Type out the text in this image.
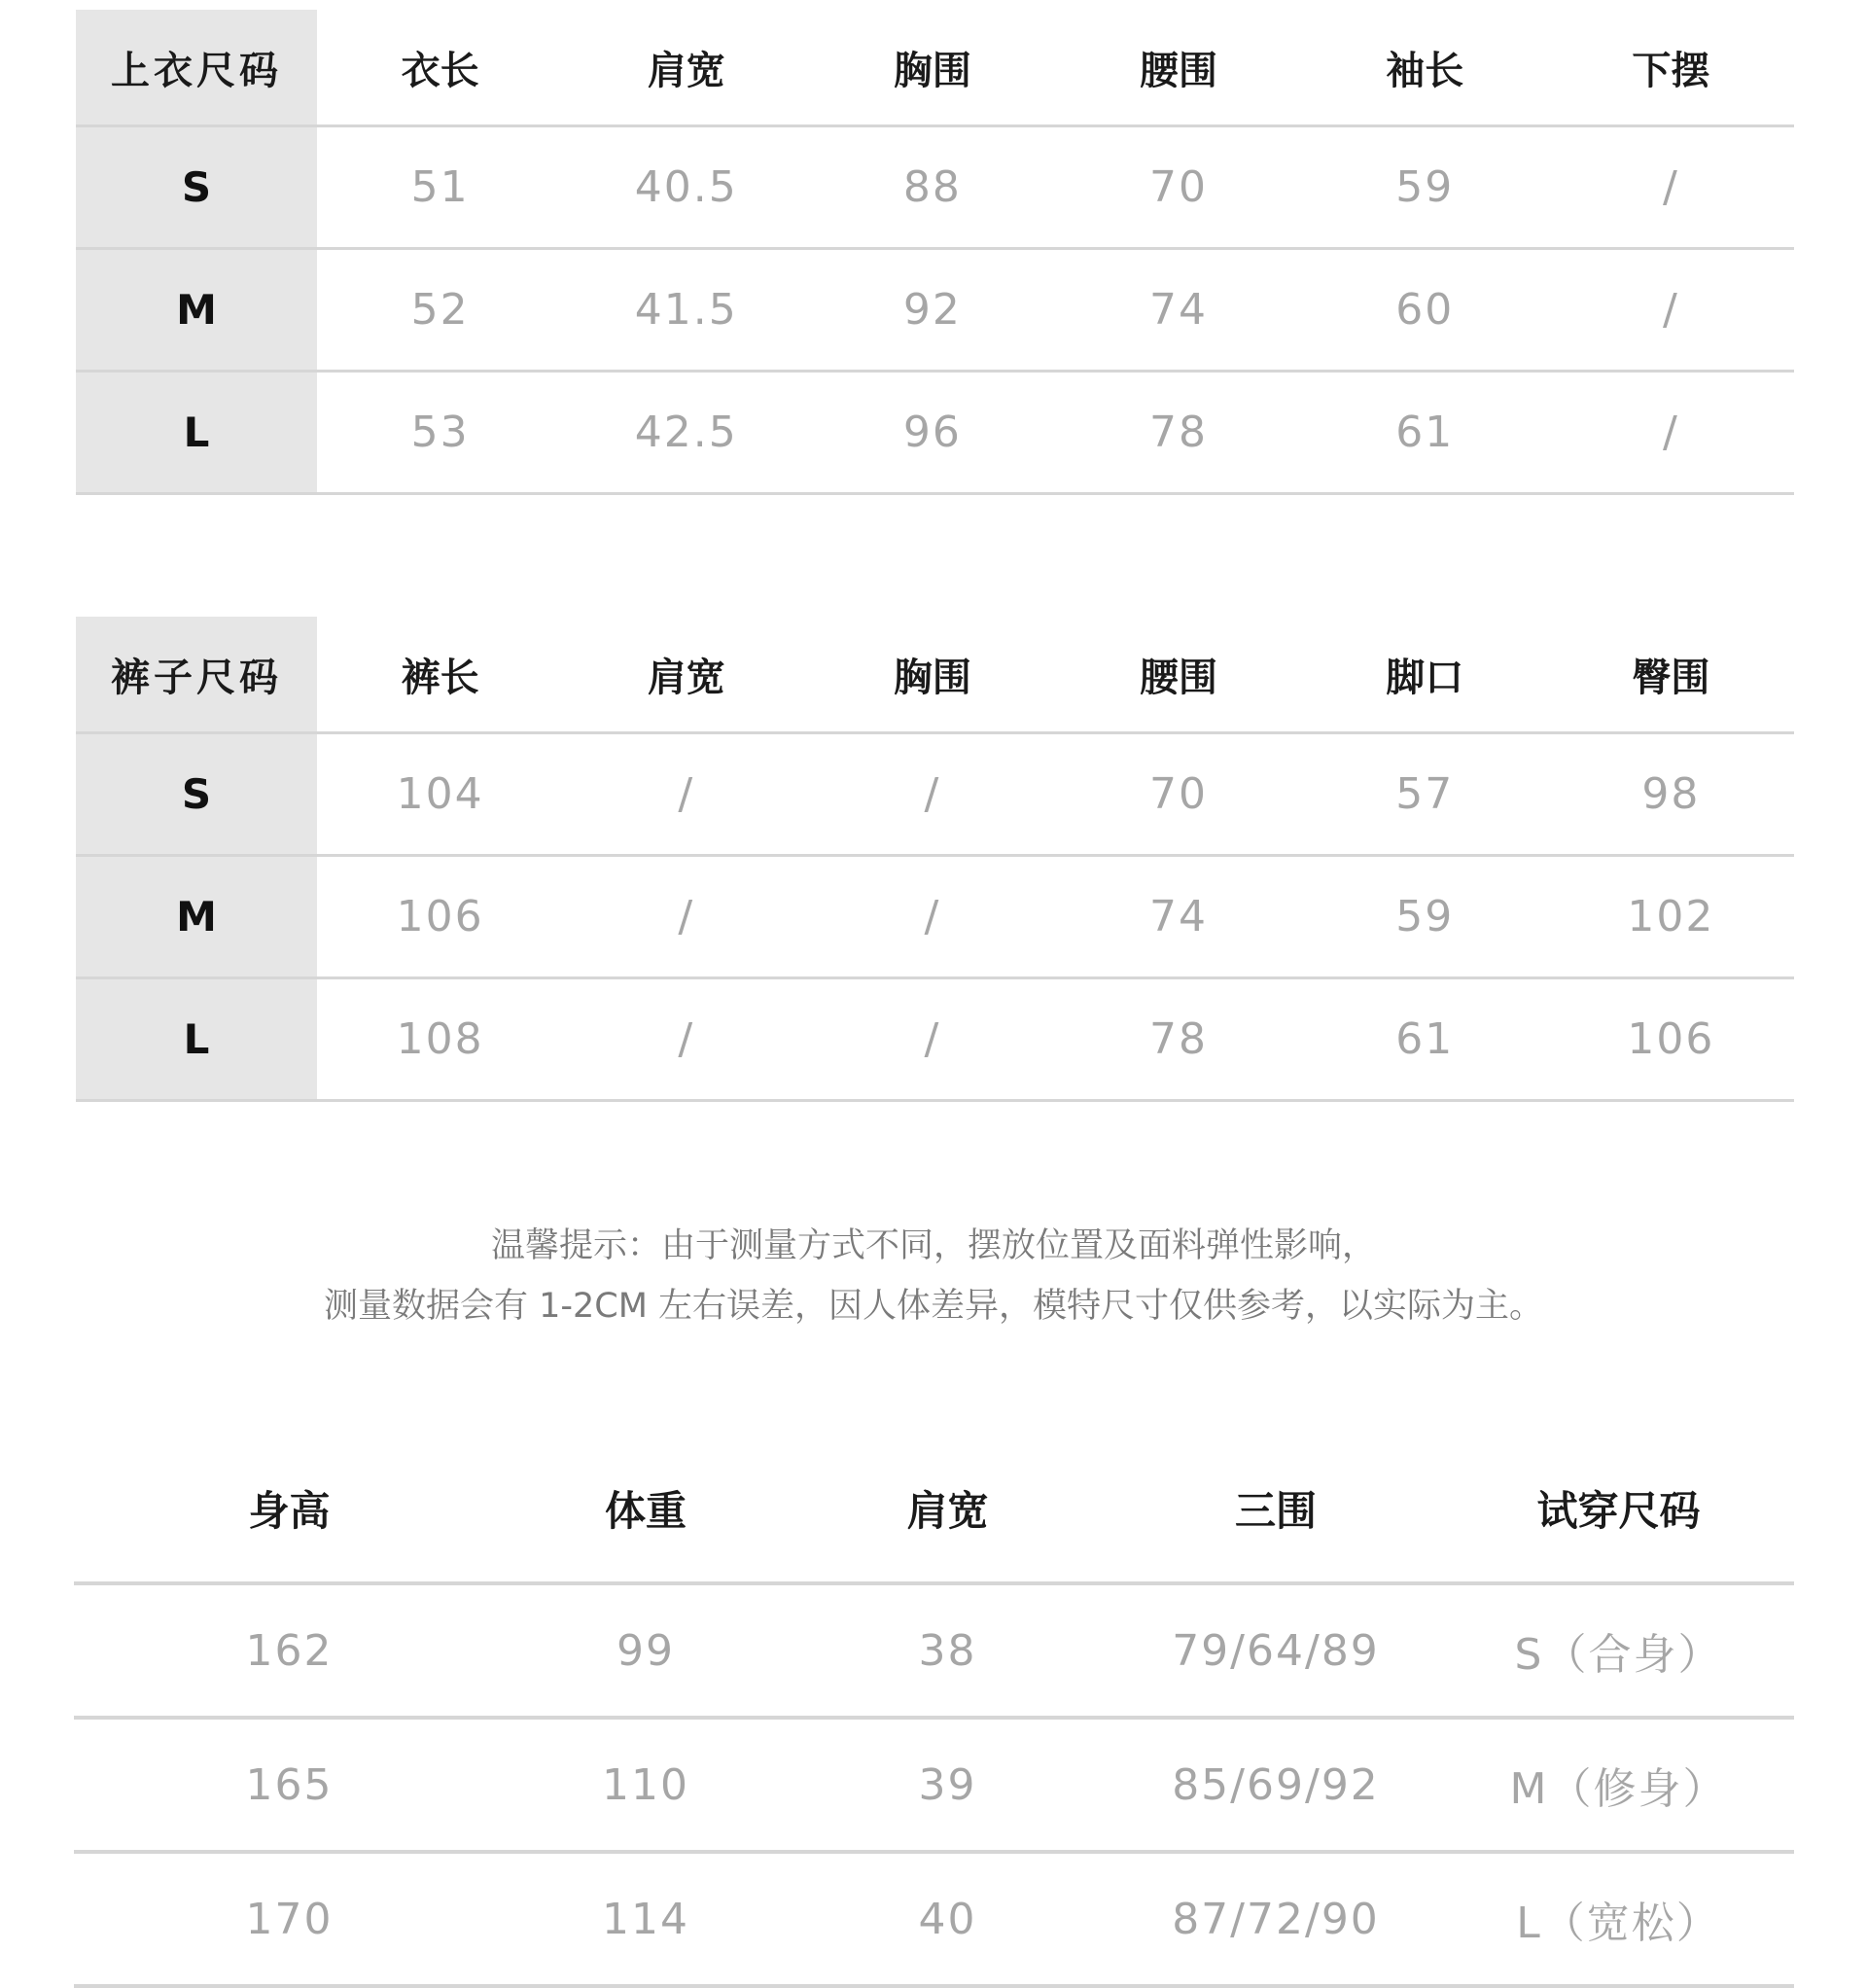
上衣尺码	衣长	肩宽	胸围	腰围	袖长	下摆
S	51	40.5	88	70	59	/
M	52	41.5	92	74	60	/
L	53	42.5	96	78	61	/
裤子尺码	裤长	肩宽	胸围	腰围	脚口	臀围
S	104	/	/	70	57	98
M	106	/	/	74	59	102
L	108	/	/	78	61	106

温馨提示：由于测量方式不同，摆放位置及面料弹性影响，

测量数据会有 1-2CM 左右误差，因人体差异，模特尺寸仅供参考，以实际为主。

身高	体重	肩宽	三围	试穿尺码
162	99	38	79/64/89	S（合身）
165	110	39	85/69/92	M（修身）
170	114	40	87/72/90	L（宽松）
